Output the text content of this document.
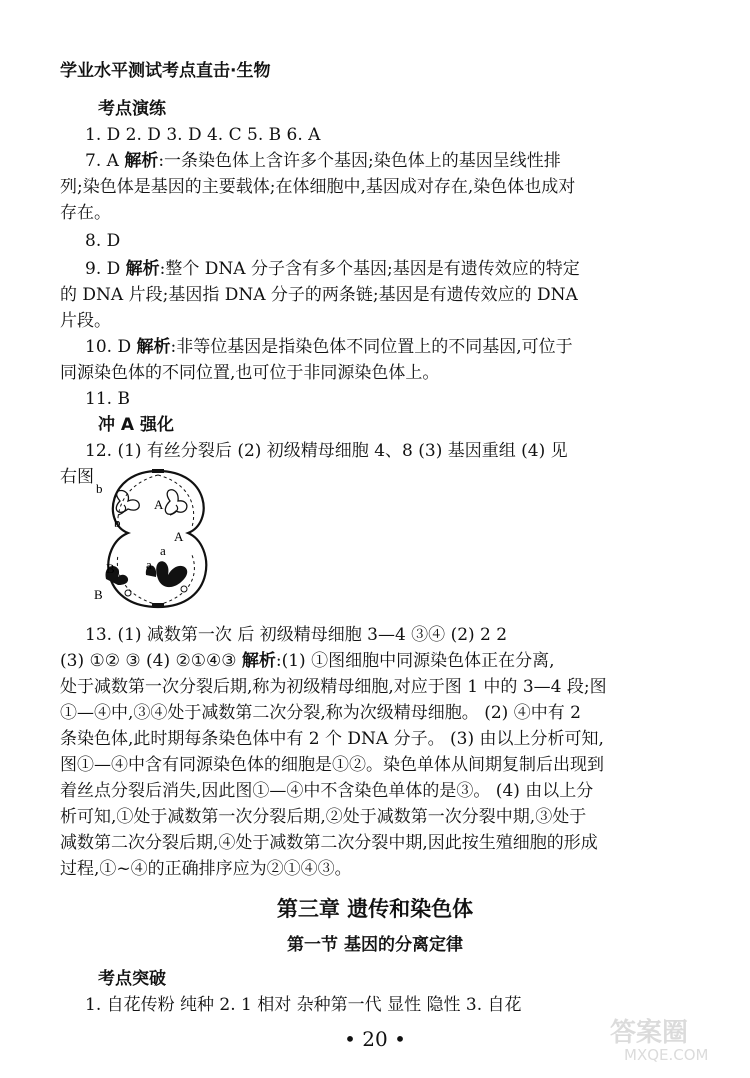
学业水平测试考点直击·生物
考点演练
1. D 2. D 3. D 4. C 5. B 6. A
7. A 解析:一条染色体上含许多个基因;染色体上的基因呈线性排
列;染色体是基因的主要载体;在体细胞中,基因成对存在,染色体也成对
存在。
8. D
9. D 解析:整个 DNA 分子含有多个基因;基因是有遗传效应的特定
的 DNA 片段;基因指 DNA 分子的两条链;基因是有遗传效应的 DNA
片段。
10. D 解析:非等位基因是指染色体不同位置上的不同基因,可位于
同源染色体的不同位置,也可位于非同源染色体上。
11. B
冲 A 强化
12. (1) 有丝分裂后 (2) 初级精母细胞 4、8 (3) 基因重组 (4) 见
右图
b
A
b
A
a
a
B
B
13. (1) 减数第一次 后 初级精母细胞 3—4 ③④ (2) 2 2
(3) ①② ③ (4) ②①④③ 解析:(1) ①图细胞中同源染色体正在分离,
处于减数第一次分裂后期,称为初级精母细胞,对应于图 1 中的 3—4 段;图
①—④中,③④处于减数第二次分裂,称为次级精母细胞。 (2) ④中有 2
条染色体,此时期每条染色体中有 2 个 DNA 分子。 (3) 由以上分析可知,
图①—④中含有同源染色体的细胞是①②。染色单体从间期复制后出现到
着丝点分裂后消失,因此图①—④中不含染色单体的是③。 (4) 由以上分
析可知,①处于减数第一次分裂后期,②处于减数第一次分裂中期,③处于
减数第二次分裂后期,④处于减数第二次分裂中期,因此按生殖细胞的形成
过程,①~④的正确排序应为②①④③。
第三章 遗传和染色体
第一节 基因的分离定律
考点突破
1. 自花传粉 纯种 2. 1 相对 杂种第一代 显性 隐性 3. 自花
• 20 •	答案圈
MXQE.COM
